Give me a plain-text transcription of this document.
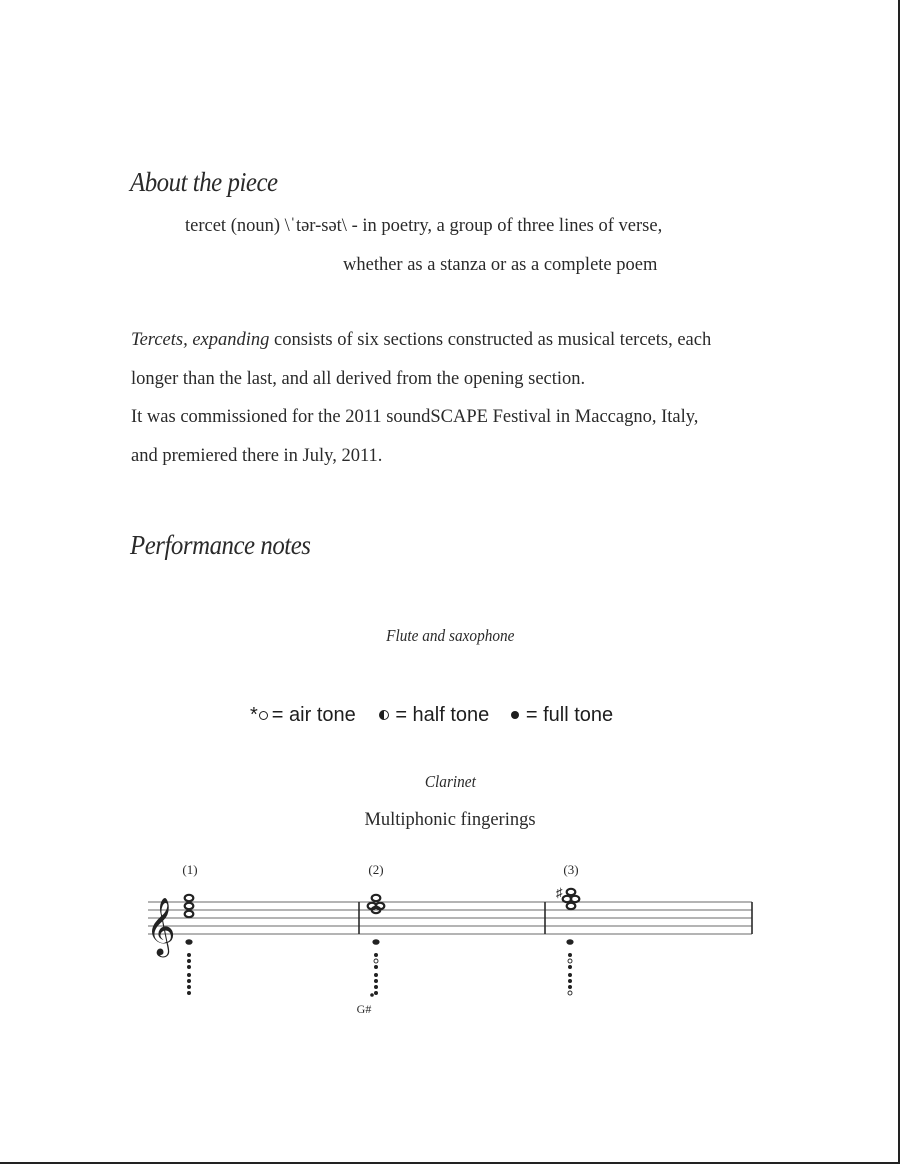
About the piece
tercet (noun) \ˈtər-sət\ - in poetry, a group of three lines of verse,
whether as a stanza or as a complete poem
Tercets, expanding consists of six sections constructed as musical tercets, each
longer than the last, and all derived from the opening section.
It was commissioned for the 2011 soundSCAPE Festival in Maccagno, Italy,
and premiered there in July, 2011.
Performance notes
Flute and saxophone
* = air tone = half tone = full tone
Clarinet
Multiphonic fingerings
𝄞
(1)	(2)
G#
(3)
♯
